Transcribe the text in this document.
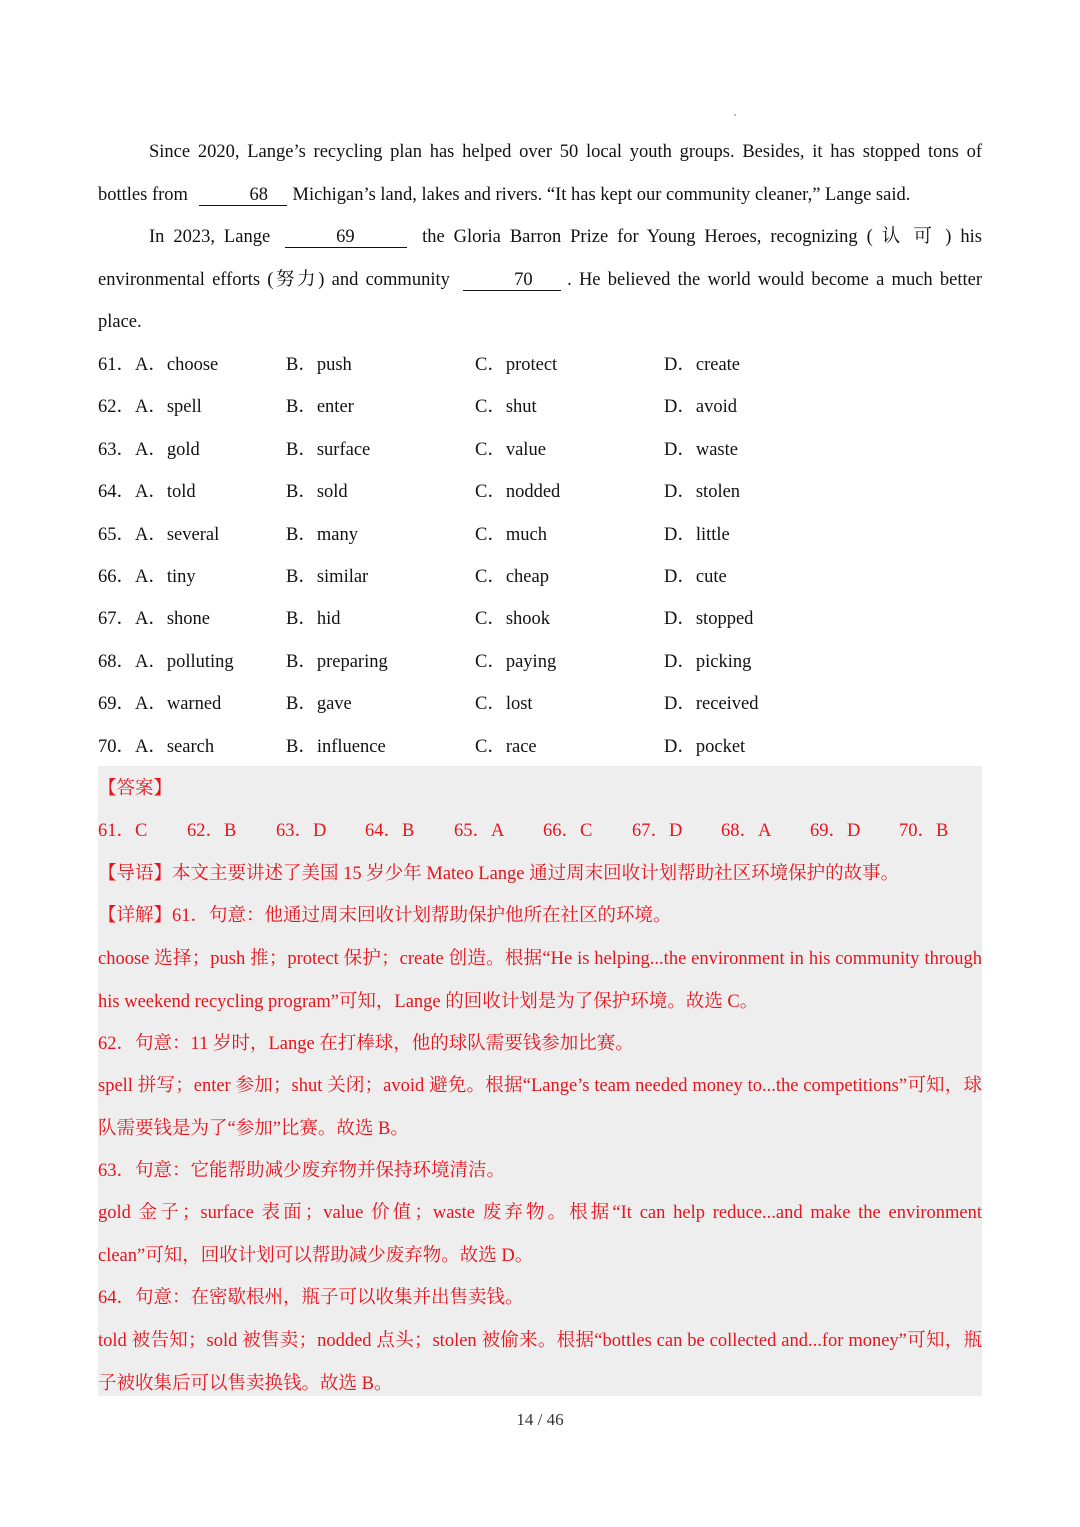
Since 2020, Lange’s recycling plan has helped over 50 local youth groups. Besides, it has stopped tons of bottles from	68 Michigan’s land, lakes and rivers. “It has kept our community cleaner,” Lange said.

In 2023, Lange	69	the Gloria Barron Prize for Young Heroes, recognizing ( 认 可 ) his environmental efforts (努力) and community	70 . He believed the world would become a much better place.

61．A．choose	B．push	C．protect	D．create
62．A．spell	B．enter	C．shut	D．avoid
63．A．gold	B．surface	C．value	D．waste
64．A．told	B．sold	C．nodded	D．stolen
65．A．several	B．many	C．much	D．little
66．A．tiny	B．similar	C．cheap	D．cute
67．A．shone	B．hid	C．shook	D．stopped
68．A．polluting	B．preparing	C．paying	D．picking
69．A．warned	B．gave	C．lost	D．received
70．A．search	B．influence	C．race	D．pocket
【答案】
61．C 62．B 63．D 64．B 65．A 66．C 67．D 68．A 69．D 70．B
【导语】本文主要讲述了美国 15 岁少年 Mateo Lange 通过周末回收计划帮助社区环境保护的故事。
【详解】61．句意：他通过周末回收计划帮助保护他所在社区的环境。
choose 选择；push 推；protect 保护；create 创造。根据“He is helping...the environment in his community through his weekend recycling program”可知，Lange 的回收计划是为了保护环境。故选 C。
62．句意：11 岁时，Lange 在打棒球，他的球队需要钱参加比赛。
spell 拼写；enter 参加；shut 关闭；avoid 避免。根据“Lange’s team needed money to...the competitions”可知，球队需要钱是为了“参加”比赛。故选 B。
63．句意：它能帮助减少废弃物并保持环境清洁。
gold 金子；surface 表面；value 价值；waste 废弃物。根据“It can help reduce...and make the environment clean”可知，回收计划可以帮助减少废弃物。故选 D。
64．句意：在密歇根州，瓶子可以收集并出售卖钱。
told 被告知；sold 被售卖；nodded 点头；stolen 被偷来。根据“bottles can be collected and...for money”可知，瓶子被收集后可以售卖换钱。故选 B。
14 / 46
